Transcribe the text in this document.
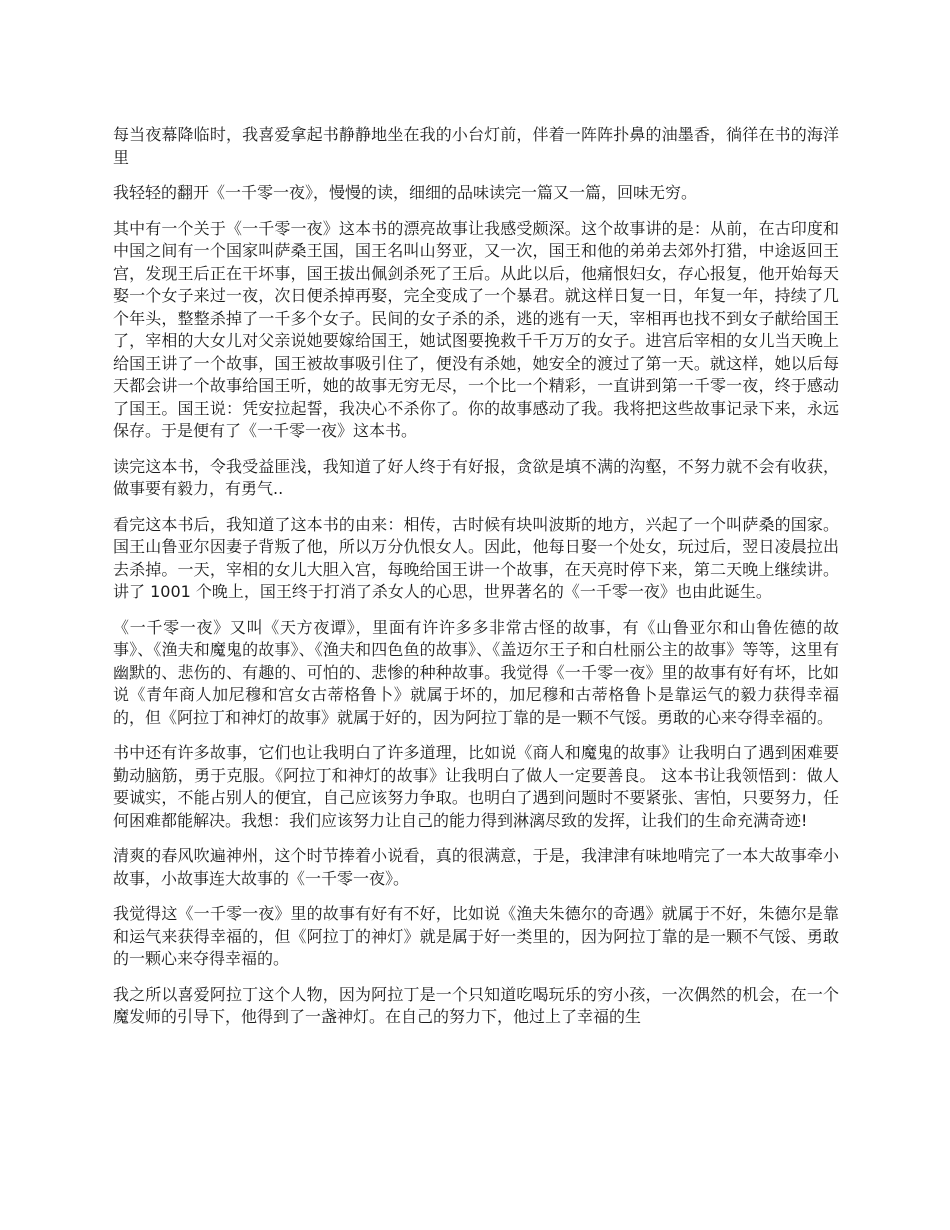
每当夜幕降临时，我喜爱拿起书静静地坐在我的小台灯前，伴着一阵阵扑鼻的油墨香，徜徉在书的海洋里

我轻轻的翻开《一千零一夜》，慢慢的读，细细的品味读完一篇又一篇，回味无穷。

其中有一个关于《一千零一夜》这本书的漂亮故事让我感受颇深。这个故事讲的是：从前，在古印度和中国之间有一个国家叫萨桑王国，国王名叫山努亚，又一次，国王和他的弟弟去郊外打猎，中途返回王宫，发现王后正在干坏事，国王拔出佩剑杀死了王后。从此以后，他痛恨妇女，存心报复，他开始每天娶一个女子来过一夜，次日便杀掉再娶，完全变成了一个暴君。就这样日复一日，年复一年，持续了几个年头，整整杀掉了一千多个女子。民间的女子杀的杀，逃的逃有一天，宰相再也找不到女子献给国王了，宰相的大女儿对父亲说她要嫁给国王，她试图要挽救千千万万的女子。进宫后宰相的女儿当天晚上给国王讲了一个故事，国王被故事吸引住了，便没有杀她，她安全的渡过了第一天。就这样，她以后每天都会讲一个故事给国王听，她的故事无穷无尽，一个比一个精彩，一直讲到第一千零一夜，终于感动了国王。国王说：凭安拉起誓，我决心不杀你了。你的故事感动了我。我将把这些故事记录下来，永远保存。于是便有了《一千零一夜》这本书。

读完这本书，令我受益匪浅，我知道了好人终于有好报，贪欲是填不满的沟壑，不努力就不会有收获，做事要有毅力，有勇气..

看完这本书后，我知道了这本书的由来：相传，古时候有块叫波斯的地方，兴起了一个叫萨桑的国家。国王山鲁亚尔因妻子背叛了他，所以万分仇恨女人。因此，他每日娶一个处女，玩过后，翌日凌晨拉出去杀掉。一天，宰相的女儿大胆入宫，每晚给国王讲一个故事，在天亮时停下来，第二天晚上继续讲。讲了 1001 个晚上，国王终于打消了杀女人的心思，世界著名的《一千零一夜》也由此诞生。

《一千零一夜》又叫《天方夜谭》，里面有许许多多非常古怪的故事，有《山鲁亚尔和山鲁佐德的故事》、《渔夫和魔鬼的故事》、《渔夫和四色鱼的故事》、《盖迈尔王子和白杜丽公主的故事》等等，这里有幽默的、悲伤的、有趣的、可怕的、悲惨的种种故事。我觉得《一千零一夜》里的故事有好有坏，比如说《青年商人加尼穆和宫女古蒂格鲁卜》就属于坏的，加尼穆和古蒂格鲁卜是靠运气的毅力获得幸福的，但《阿拉丁和神灯的故事》就属于好的，因为阿拉丁靠的是一颗不气馁。勇敢的心来夺得幸福的。

书中还有许多故事，它们也让我明白了许多道理，比如说《商人和魔鬼的故事》让我明白了遇到困难要勤动脑筋，勇于克服。《阿拉丁和神灯的故事》让我明白了做人一定要善良。 这本书让我领悟到：做人要诚实，不能占别人的便宜，自己应该努力争取。也明白了遇到问题时不要紧张、害怕，只要努力，任何困难都能解决。我想：我们应该努力让自己的能力得到淋漓尽致的发挥，让我们的生命充满奇迹!

清爽的春风吹遍神州，这个时节捧着小说看，真的很满意，于是，我津津有味地啃完了一本大故事牵小故事，小故事连大故事的《一千零一夜》。

我觉得这《一千零一夜》里的故事有好有不好，比如说《渔夫朱德尔的奇遇》就属于不好，朱德尔是靠和运气来获得幸福的，但《阿拉丁的神灯》就是属于好一类里的，因为阿拉丁靠的是一颗不气馁、勇敢的一颗心来夺得幸福的。

我之所以喜爱阿拉丁这个人物，因为阿拉丁是一个只知道吃喝玩乐的穷小孩，一次偶然的机会，在一个魔发师的引导下，他得到了一盏神灯。在自己的努力下，他过上了幸福的生
